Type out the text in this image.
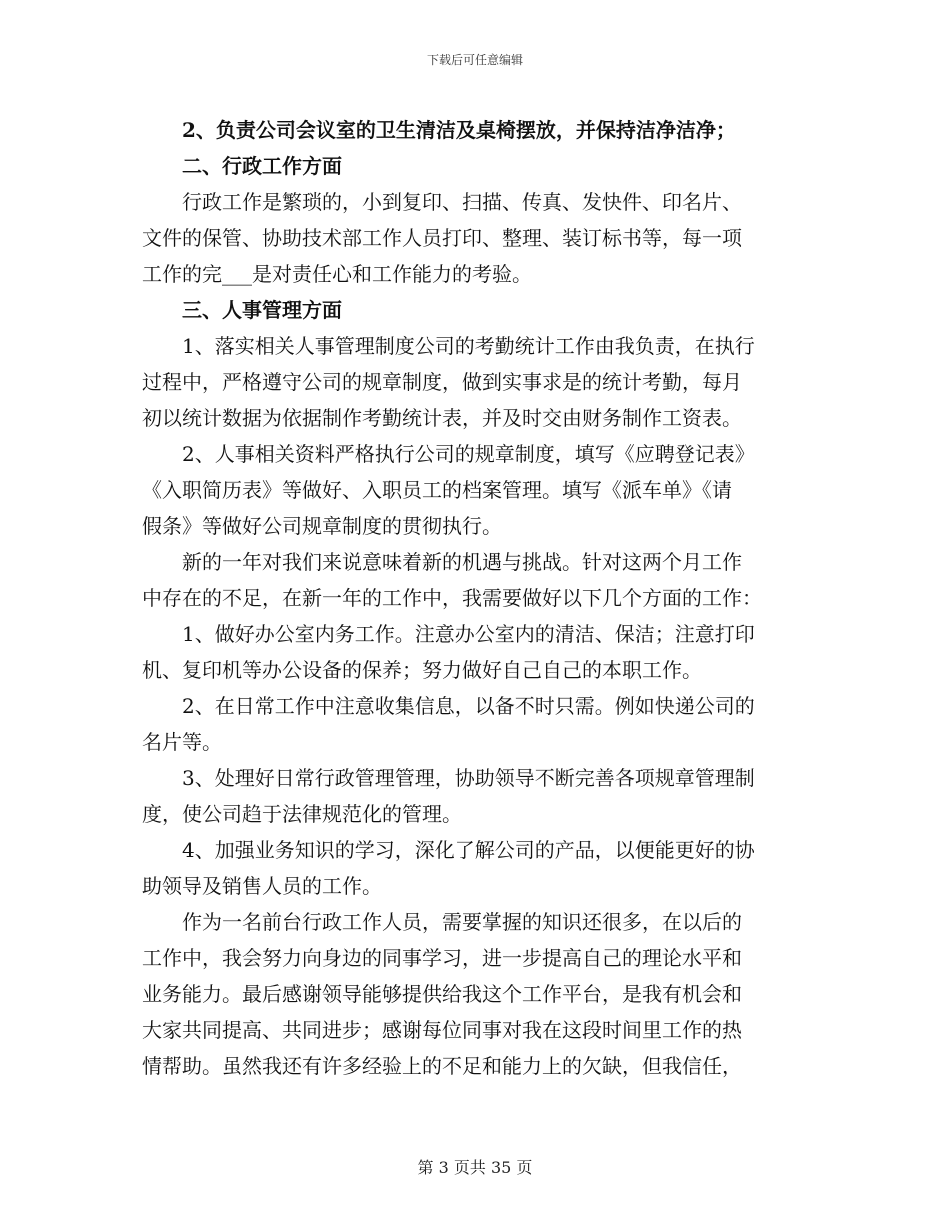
下载后可任意编辑
　　2、负责公司会议室的卫生清洁及桌椅摆放，并保持洁净洁净；
　　二、行政工作方面
　　行政工作是繁琐的，小到复印、扫描、传真、发快件、印名片、
文件的保管、协助技术部工作人员打印、整理、装订标书等，每一项
工作的完___是对责任心和工作能力的考验。
　　三、人事管理方面
　　1、落实相关人事管理制度公司的考勤统计工作由我负责，在执行
过程中，严格遵守公司的规章制度，做到实事求是的统计考勤，每月
初以统计数据为依据制作考勤统计表，并及时交由财务制作工资表。
　　2、人事相关资料严格执行公司的规章制度，填写《应聘登记表》
《入职简历表》等做好、入职员工的档案管理。填写《派车单》《请
假条》等做好公司规章制度的贯彻执行。
　　新的一年对我们来说意味着新的机遇与挑战。针对这两个月工作
中存在的不足，在新一年的工作中，我需要做好以下几个方面的工作：
　　1、做好办公室内务工作。注意办公室内的清洁、保洁；注意打印
机、复印机等办公设备的保养；努力做好自己自己的本职工作。
　　2、在日常工作中注意收集信息，以备不时只需。例如快递公司的
名片等。
　　3、处理好日常行政管理管理，协助领导不断完善各项规章管理制
度，使公司趋于法律规范化的管理。
　　4、加强业务知识的学习，深化了解公司的产品，以便能更好的协
助领导及销售人员的工作。
　　作为一名前台行政工作人员，需要掌握的知识还很多，在以后的
工作中，我会努力向身边的同事学习，进一步提高自己的理论水平和
业务能力。最后感谢领导能够提供给我这个工作平台，是我有机会和
大家共同提高、共同进步；感谢每位同事对我在这段时间里工作的热
情帮助。虽然我还有许多经验上的不足和能力上的欠缺，但我信任，
第 3 页共 35 页
